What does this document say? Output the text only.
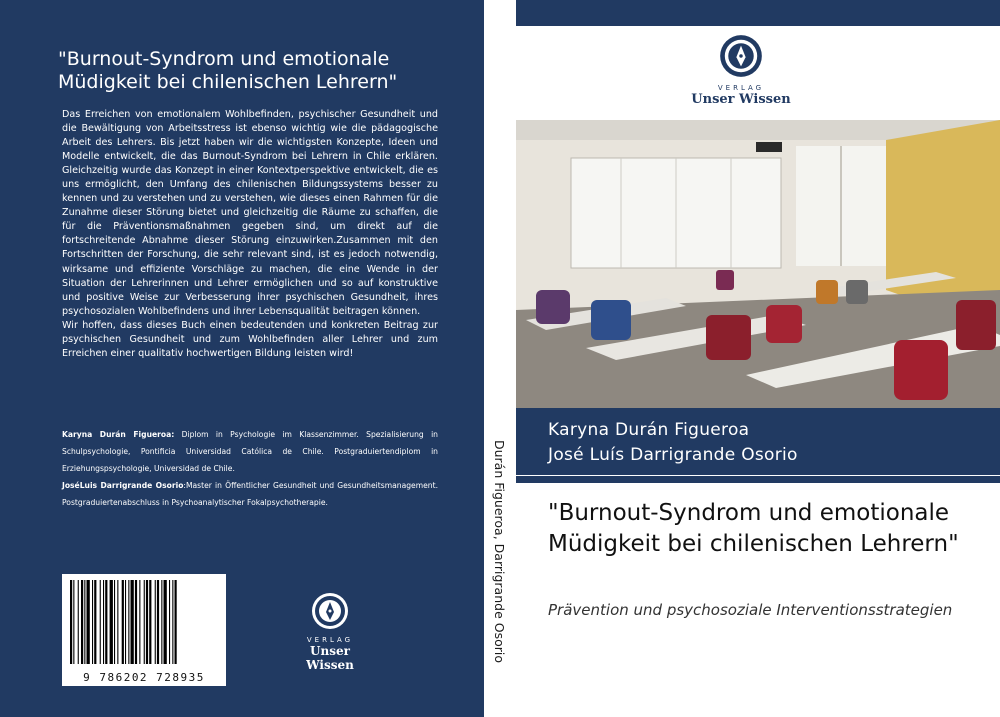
"Burnout-Syndrom und emotionale Müdigkeit bei chilenischen Lehrern"

Das Erreichen von emotionalem Wohlbefinden, psychischer Gesundheit und die Bewältigung von Arbeitsstress ist ebenso wichtig wie die pädagogische Arbeit des Lehrers. Bis jetzt haben wir die wichtigsten Konzepte, Ideen und Modelle entwickelt, die das Burnout-Syndrom bei Lehrern in Chile erklären. Gleichzeitig wurde das Konzept in einer Kontextperspektive entwickelt, die es uns ermöglicht, den Umfang des chilenischen Bildungssystems besser zu kennen und zu verstehen und zu verstehen, wie dieses einen Rahmen für die Zunahme dieser Störung bietet und gleichzeitig die Räume zu schaffen, die für die Präventionsmaßnahmen gegeben sind, um direkt auf die fortschreitende Abnahme dieser Störung einzuwirken.Zusammen mit den Fortschritten der Forschung, die sehr relevant sind, ist es jedoch notwendig, wirksame und effiziente Vorschläge zu machen, die eine Wende in der Situation der Lehrerinnen und Lehrer ermöglichen und so auf konstruktive und positive Weise zur Verbesserung ihrer psychischen Gesundheit, ihres psychosozialen Wohlbefindens und ihrer Lebensqualität beitragen können.

Wir hoffen, dass dieses Buch einen bedeutenden und konkreten Beitrag zur psychischen Gesundheit und zum Wohlbefinden aller Lehrer und zum Erreichen einer qualitativ hochwertigen Bildung leisten wird!

Karyna Durán Figueroa: Diplom in Psychologie im Klassenzimmer. Spezialisierung in Schulpsychologie, Pontificia Universidad Católica de Chile. Postgraduiertendiplom in Erziehungspsychologie, Universidad de Chile.

JoséLuis Darrigrande Osorio:Master in Öffentlicher Gesundheit und Gesundheitsmanagement. Postgraduiertenabschluss in Psychoanalytischer Fokalpsychotherapie.

9 786202 728935
VERLAG
Unser Wissen
Durán Figueroa, Darrigrande Osorio
VERLAG
Unser Wissen
Karyna Durán Figueroa
José Luís Darrigrande Osorio
"Burnout-Syndrom und emotionale Müdigkeit bei chilenischen Lehrern"
Prävention und psychosoziale Interventionsstrategien
